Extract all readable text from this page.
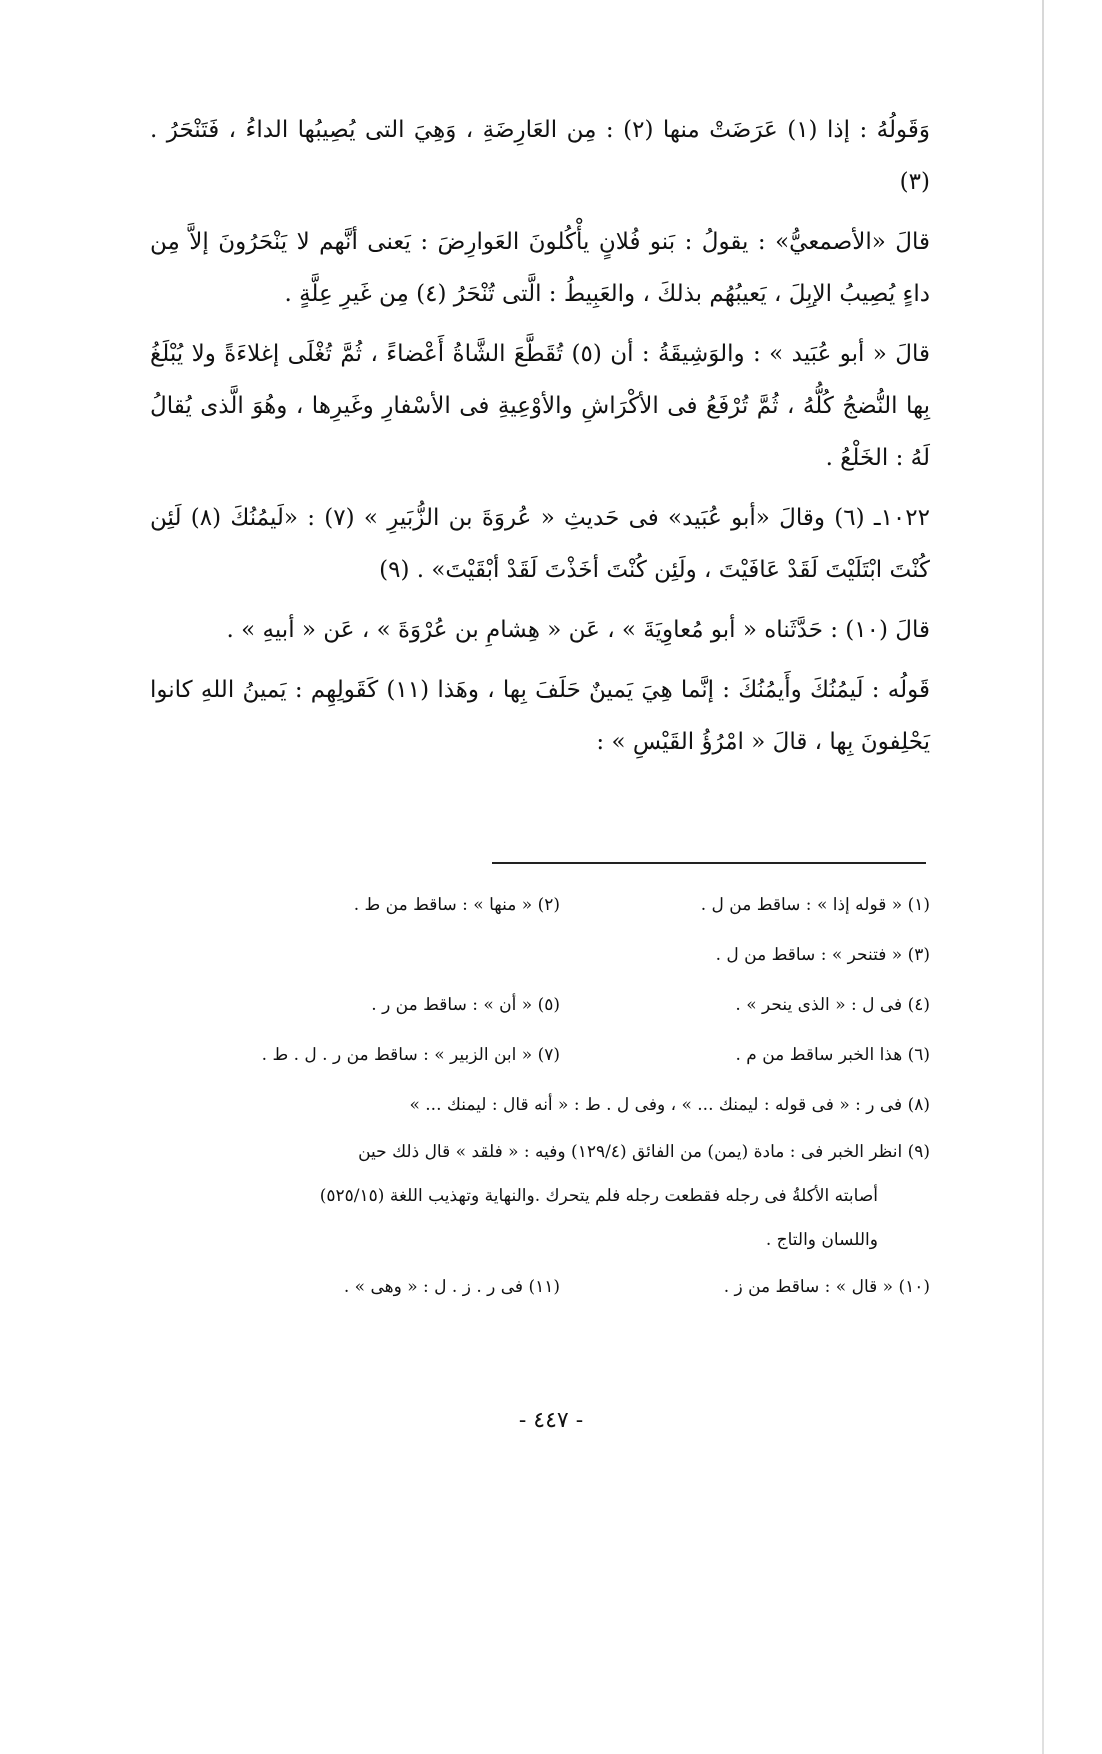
وَقَولُهُ : إذا (١) عَرَضَتْ منها (٢) : مِن العَارِضَةِ ، وَهِيَ التى يُصِيبُها الداءُ ، فَتَنْحَرُ . (٣)

قالَ «الأصمعيُّ» : يقولُ : بَنو فُلانٍ يأْكُلونَ العَوارِضَ : يَعنى أنَّهم لا يَنْحَرُونَ إلاَّ مِن داءٍ يُصِيبُ الإبِلَ ، يَعيبُهُم بذلكَ ، والعَبِيطُ : الَّتى تُنْحَرُ (٤) مِن غَيرِ عِلَّةٍ .

قالَ « أبو عُبَيد » : والوَشِيقَةُ : أن (٥) تُقَطَّعَ الشَّاةُ أَعْضاءً ، ثُمَّ تُغْلَى إغلاءَةً ولا يُبْلَغُ بِها النُّضجُ كُلُّهُ ، ثُمَّ تُرْفَعُ فى الأكْرَاشِ والأوْعِيةِ فى الأسْفارِ وغَيرِها ، وهُوَ الَّذى يُقالُ لَهُ : الخَلْعُ .

١٠٢٢ـ (٦) وقالَ «أبو عُبَيد» فى حَديثِ « عُروَةَ بن الزُّبَيرِ » (٧) : «لَيمُنُكَ (٨) لَئِن كُنْتَ ابْتَلَيْتَ لَقَدْ عَافَيْتَ ، ولَئِن كُنْتَ أخَذْتَ لَقَدْ أبْقَيْتَ» . (٩)

قالَ (١٠) : حَدَّثَناه « أبو مُعاوِيَةَ » ، عَن « هِشامِ بن عُرْوَةَ » ، عَن « أبيهِ » .

قَولُه : لَيمُنُكَ وأَيمُنُكَ : إنَّما هِيَ يَمينٌ حَلَفَ بِها ، وهَذا (١١) كَقَولِهِم : يَمينُ اللهِ كانوا يَحْلِفونَ بِها ، قالَ « امْرُؤُ القَيْسِ » :

(١) « قوله إذا » : ساقط من ل .
(٢) « منها » : ساقط من ط .
(٣) « فتنحر » : ساقط من ل .
(٤) فى ل : « الذى ينحر » .
(٥) « أن » : ساقط من ر .
(٦) هذا الخبر ساقط من م .
(٧) « ابن الزبير » : ساقط من ر . ل . ط .
(٨) فى ر : « فى قوله : ليمنك ... » ، وفى ل . ط : « أنه قال : ليمنك ... »
(٩) انظر الخبر فى : مادة (يمن) من الفائق (١٢٩/٤) وفيه : « فلقد » قال ذلك حين
أصابته الأكلةُ فى رجله فقطعت رجله فلم يتحرك .والنهاية وتهذيب اللغة (٥٢٥/١٥)
واللسان والتاج .
(١٠) « قال » : ساقط من ز .
(١١) فى ر . ز . ل : « وهى » .
- ٤٤٧ -
